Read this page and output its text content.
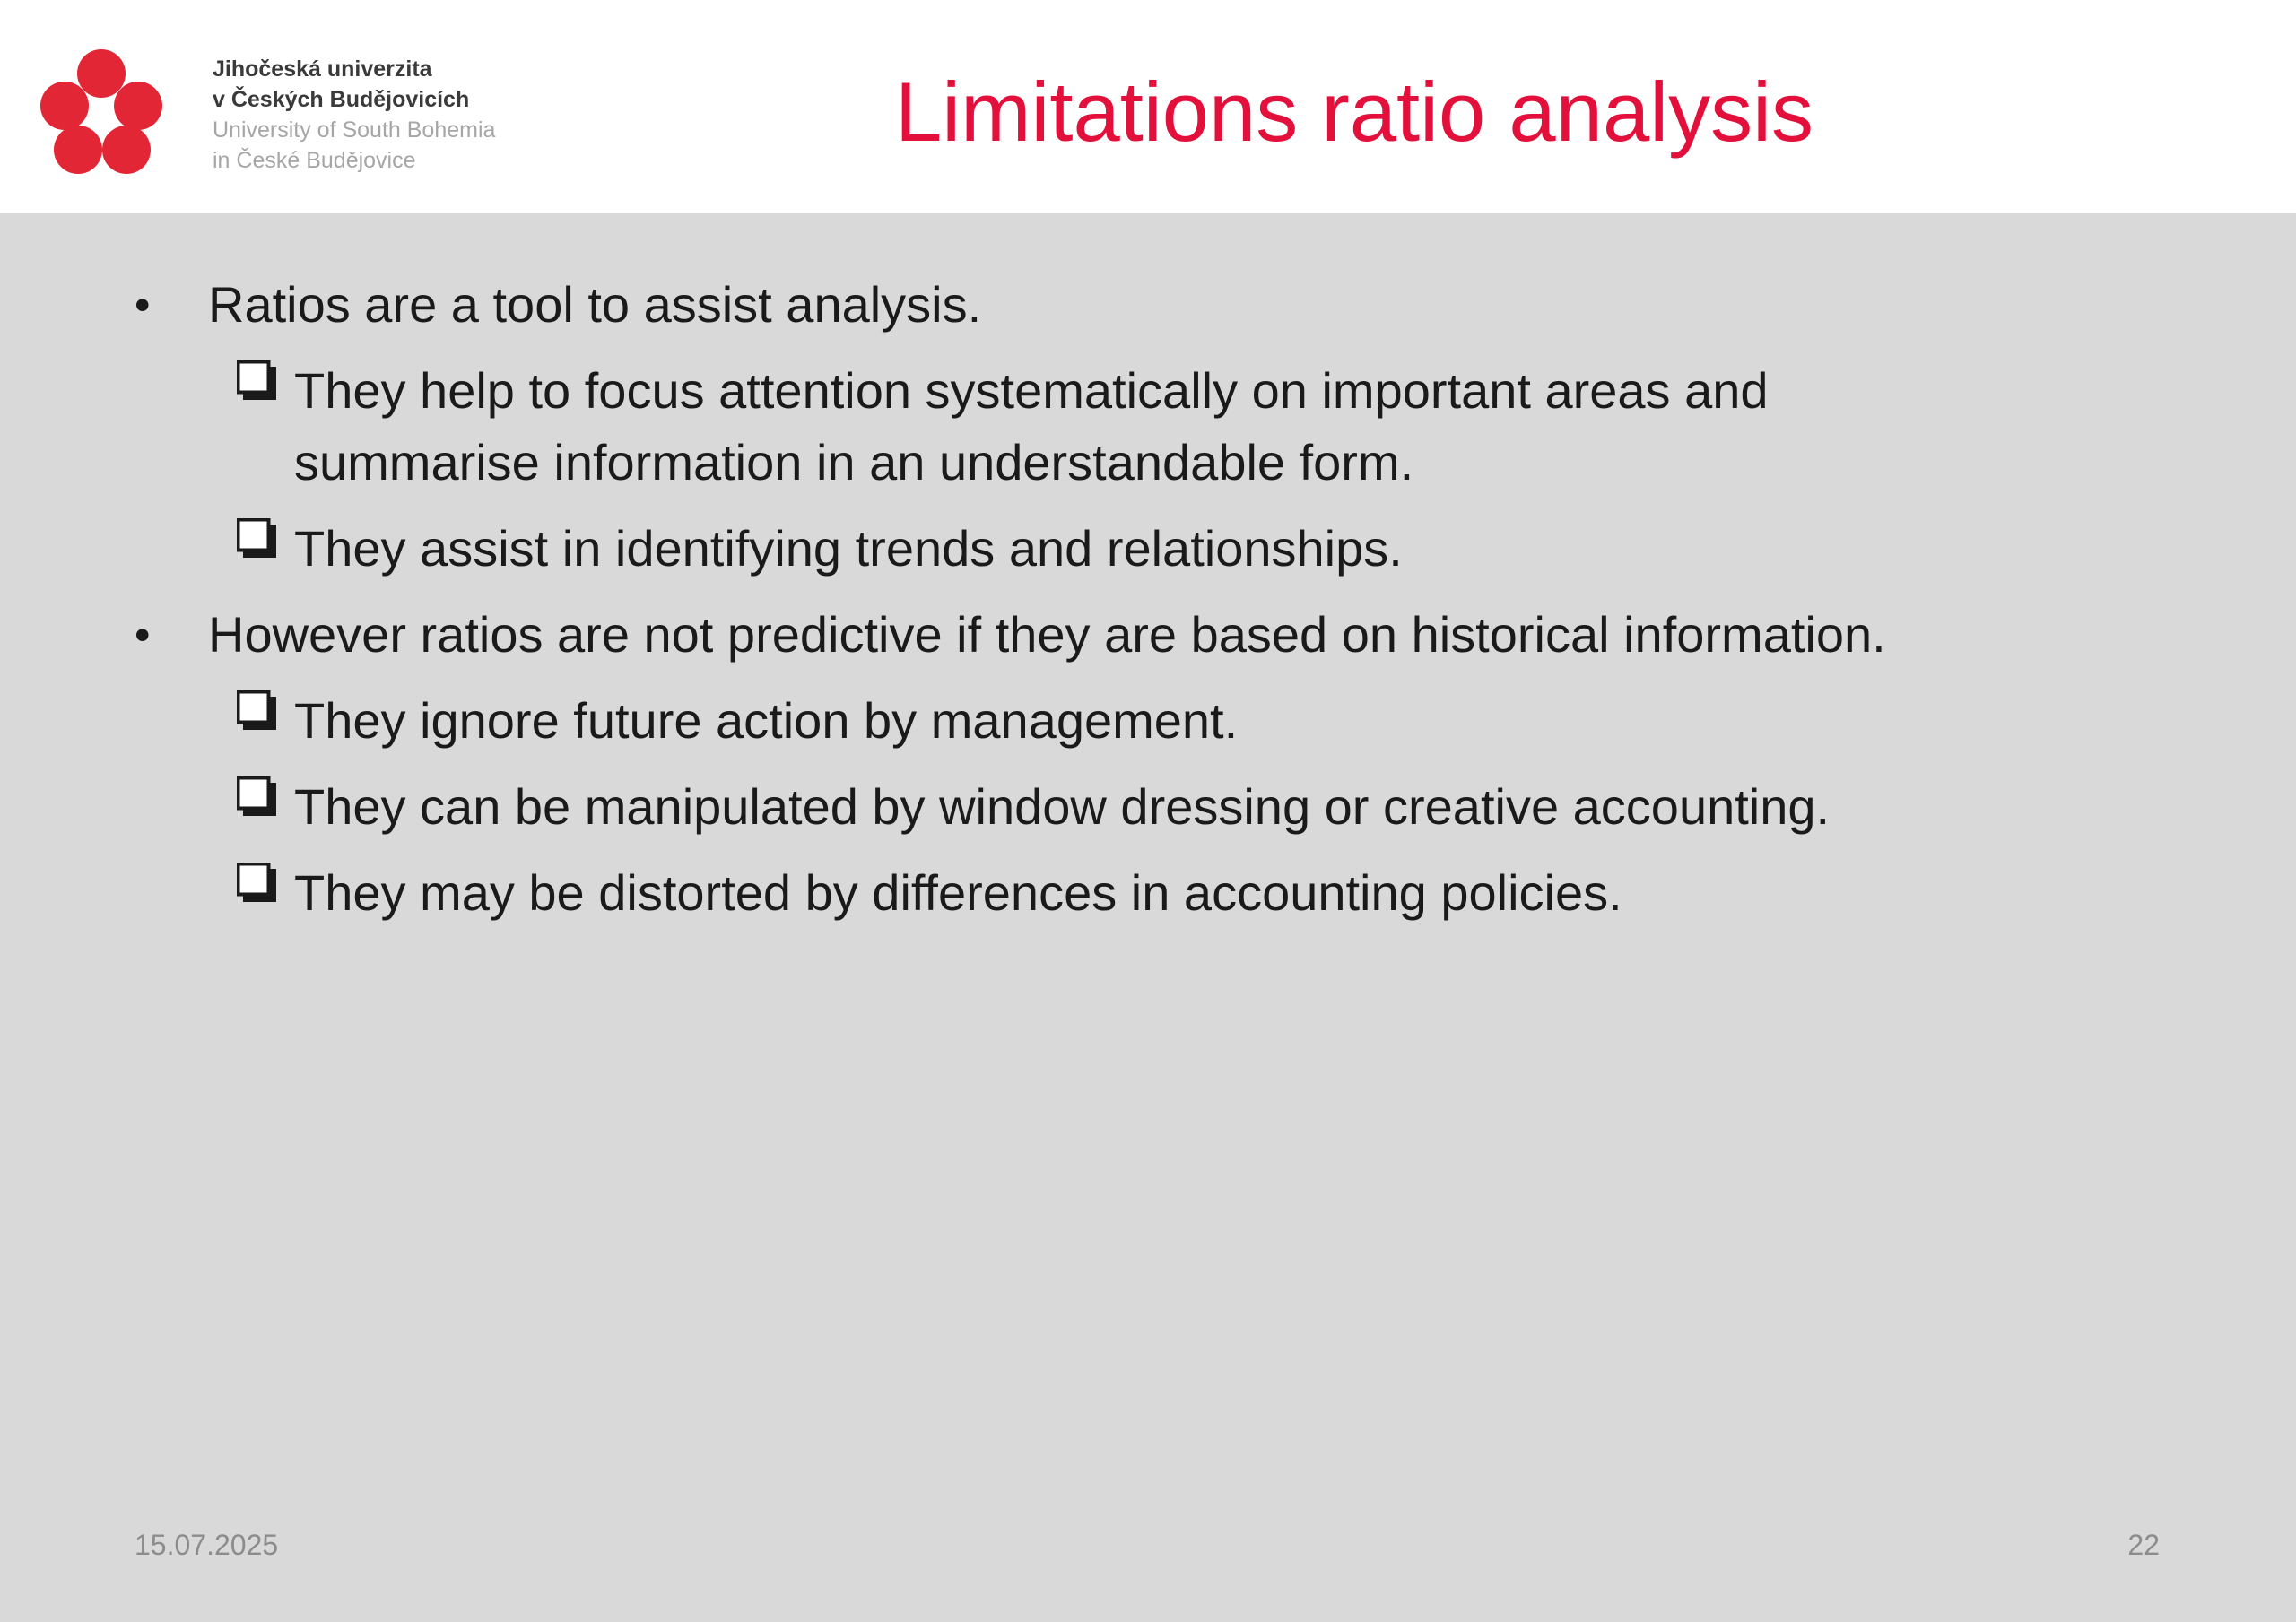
Jihočeská univerzita
v Českých Budějovicích
University of South Bohemia
in České Budějovice
Limitations ratio analysis
• Ratios are a tool to assist analysis.
They help to focus attention systematically on important areas and
summarise information in an understandable form.
They assist in identifying trends and relationships.
• However ratios are not predictive if they are based on historical information.
They ignore future action by management.
They can be manipulated by window dressing or creative accounting.
They may be distorted by differences in accounting policies.
15.07.2025	22
